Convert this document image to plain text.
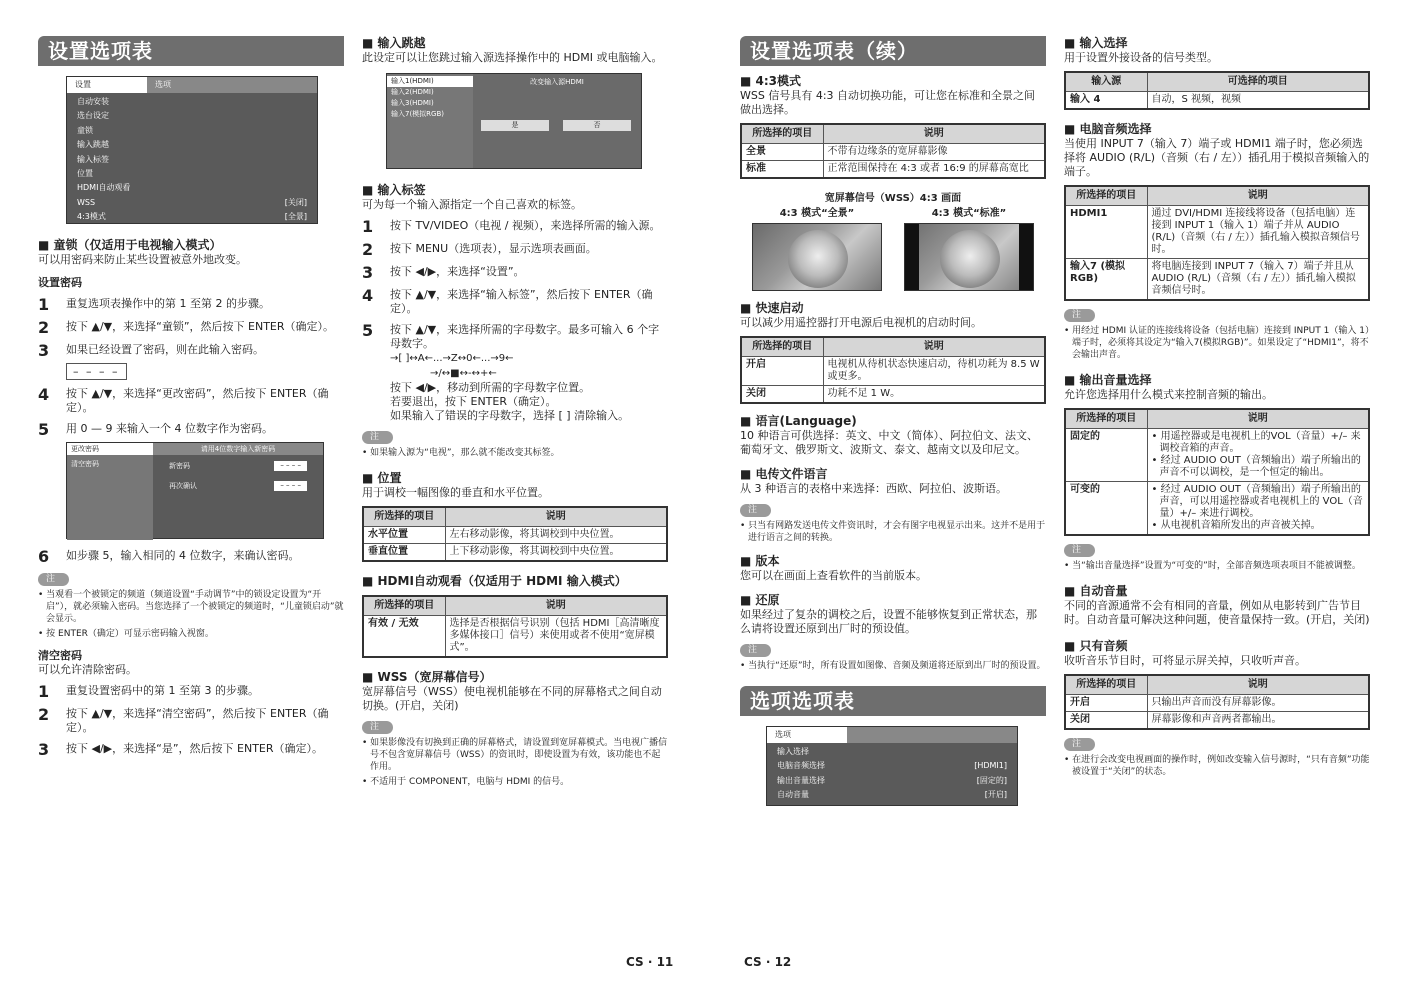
设置选项表
设置	选项
自动安装
选台设定
童锁
输入跳越
输入标签
位置
HDMI自动观看
WSS	[关闭]
4:3模式	[全景]
■ 童锁（仅适用于电视输入模式）
可以用密码来防止某些设置被意外地改变。
设置密码
1	重复选项表操作中的第 1 至第 2 的步骤。
2	按下 ▲/▼，来选择“童锁”，然后按下 ENTER（确定）。
3	如果已经设置了密码，则在此输入密码。
– – – –
4	按下 ▲/▼，来选择“更改密码”，然后按下 ENTER（确定）。
5	用 0 — 9 来输入一个 4 位数字作为密码。
更改密码	请用4位数字输入新密码
清空密码	新密码	– – – –
再次确认	– – – –
6	如步骤 5，输入相同的 4 位数字，来确认密码。
注
• 当观看一个被锁定的频道（频道设置“手动调节”中的锁设定设置为“开启”），就必须输入密码。当您选择了一个被锁定的频道时，“儿童锁启动”就会显示。
• 按 ENTER（确定）可显示密码输入视窗。
清空密码
可以允许清除密码。
1	重复设置密码中的第 1 至第 3 的步骤。
2	按下 ▲/▼，来选择“清空密码”，然后按下 ENTER（确定）。
3	按下 ◀/▶，来选择“是”，然后按下 ENTER（确定）。
CS · 11
■ 输入跳越
此设定可以让您跳过输入源选择操作中的 HDMI 或电脑输入。
输入1(HDMI)
输入2(HDMI)
输入3(HDMI)
输入7(模拟RGB)
改变输入源HDMI
是	否
■ 输入标签
可为每一个输入源指定一个自己喜欢的标签。
1	按下 TV/VIDEO（电视 / 视频），来选择所需的输入源。
2	按下 MENU（选项表），显示选项表画面。
3	按下 ◀/▶，来选择“设置”。
4	按下 ▲/▼，来选择“输入标签”，然后按下 ENTER（确定）。
5	按下 ▲/▼，来选择所需的字母数字。最多可输入 6 个字母数字。
→[ ]↔A←...→Z↔0←...→9←
→/↔■↔-↔+←
按下 ◀/▶，移动到所需的字母数字位置。
若要退出，按下 ENTER（确定）。
如果输入了错误的字母数字，选择 [ ] 清除输入。
注
• 如果输入源为“电视”，那么就不能改变其标签。
■ 位置
用于调校一幅图像的垂直和水平位置。
所选择的项目	说明
水平位置	左右移动影像，将其调校到中央位置。
垂直位置	上下移动影像，将其调校到中央位置。
■ HDMI自动观看（仅适用于 HDMI 输入模式）
所选择的项目	说明
有效 / 无效	选择是否根据信号识别（包括 HDMI［高清晰度多媒体接口］信号）来使用或者不使用“宽屏模式”。
■ WSS（宽屏幕信号）
宽屏幕信号（WSS）使电视机能够在不同的屏幕格式之间自动切换。(开启，关闭)
注
• 如果影像没有切换到正确的屏幕格式，请设置到宽屏幕模式。当电视广播信号不包含宽屏幕信号（WSS）的资讯时，即使设置为有效，该功能也不起作用。
• 不适用于 COMPONENT，电脑与 HDMI 的信号。
设置选项表（续）
■ 4:3模式
WSS 信号具有 4:3 自动切换功能，可让您在标准和全景之间做出选择。
所选择的项目	说明
全景	不带有边缘条的宽屏幕影像
标准	正常范围保持在 4:3 或者 16:9 的屏幕高宽比
宽屏幕信号（WSS）4:3 画面
4:3 模式“全景”	4:3 模式“标准”
■ 快速启动
可以减少用遥控器打开电源后电视机的启动时间。
所选择的项目	说明
开启	电视机从待机状态快速启动，待机功耗为 8.5 W 或更多。
关闭	功耗不足 1 W。
■ 语言(Language)
10 种语言可供选择：英文、中文（简体）、阿拉伯文、法文、葡萄牙文、俄罗斯文、波斯文、泰文、越南文以及印尼文。
■ 电传文件语言
从 3 种语言的表格中来选择：西欧、阿拉伯、波斯语。
注
• 只当有网路发送电传文件资讯时，才会有图字电视显示出来。这并不是用于进行语言之间的转换。
■ 版本
您可以在画面上查看软件的当前版本。
■ 还原
如果经过了复杂的调校之后，设置不能够恢复到正常状态，那么请将设置还原到出厂时的预设值。
注
• 当执行“还原”时，所有设置如图像、音频及频道将还原到出厂时的预设置。
选项选项表
选项
输入选择
电脑音频选择	[HDMI1]
输出音量选择	[固定的]
自动音量	[开启]
CS · 12
■ 输入选择
用于设置外接设备的信号类型。
输入源	可选择的项目
输入 4	自动，S 视频，视频
■ 电脑音频选择
当使用 INPUT 7（输入 7）端子或 HDMI1 端子时，您必须选择将 AUDIO (R/L)（音频（右 / 左））插孔用于模拟音频输入的端子。
所选择的项目	说明
HDMI1	通过 DVI/HDMI 连接线将设备（包括电脑）连接到 INPUT 1（输入 1）端子并从 AUDIO (R/L)（音频（右 / 左））插孔输入模拟音频信号时。
输入7 (模拟RGB)	将电脑连接到 INPUT 7（输入 7）端子并且从 AUDIO (R/L)（音频（右 / 左））插孔输入模拟音频信号时。
注
• 用经过 HDMI 认证的连接线将设备（包括电脑）连接到 INPUT 1（输入 1）端子时，必须将其设定为“输入7(模拟RGB)”。如果设定了“HDMI1”，将不会输出声音。
■ 输出音量选择
允许您选择用什么模式来控制音频的输出。
所选择的项目	说明
固定的	• 用遥控器或是电视机上的VOL（音量）+/– 来调校音箱的声音。
• 经过 AUDIO OUT（音频输出）端子所输出的声音不可以调校，是一个恒定的输出。

可变的	• 经过 AUDIO OUT（音频输出）端子所输出的声音，可以用遥控器或者电视机上的 VOL（音量）+/– 来进行调校。
• 从电视机音箱所发出的声音被关掉。
注
• 当“输出音量选择”设置为“可变的”时，全部音频选项表项目不能被调整。
■ 自动音量
不同的音源通常不会有相同的音量，例如从电影转到广告节目时。自动音量可解决这种问题，使音量保持一致。(开启，关闭)
■ 只有音频
收听音乐节目时，可将显示屏关掉，只收听声音。
所选择的项目	说明
开启	只输出声音而没有屏幕影像。
关闭	屏幕影像和声音两者都输出。
注
• 在进行会改变电视画面的操作时，例如改变输入信号源时，“只有音频”功能被设置于“关闭”的状态。
